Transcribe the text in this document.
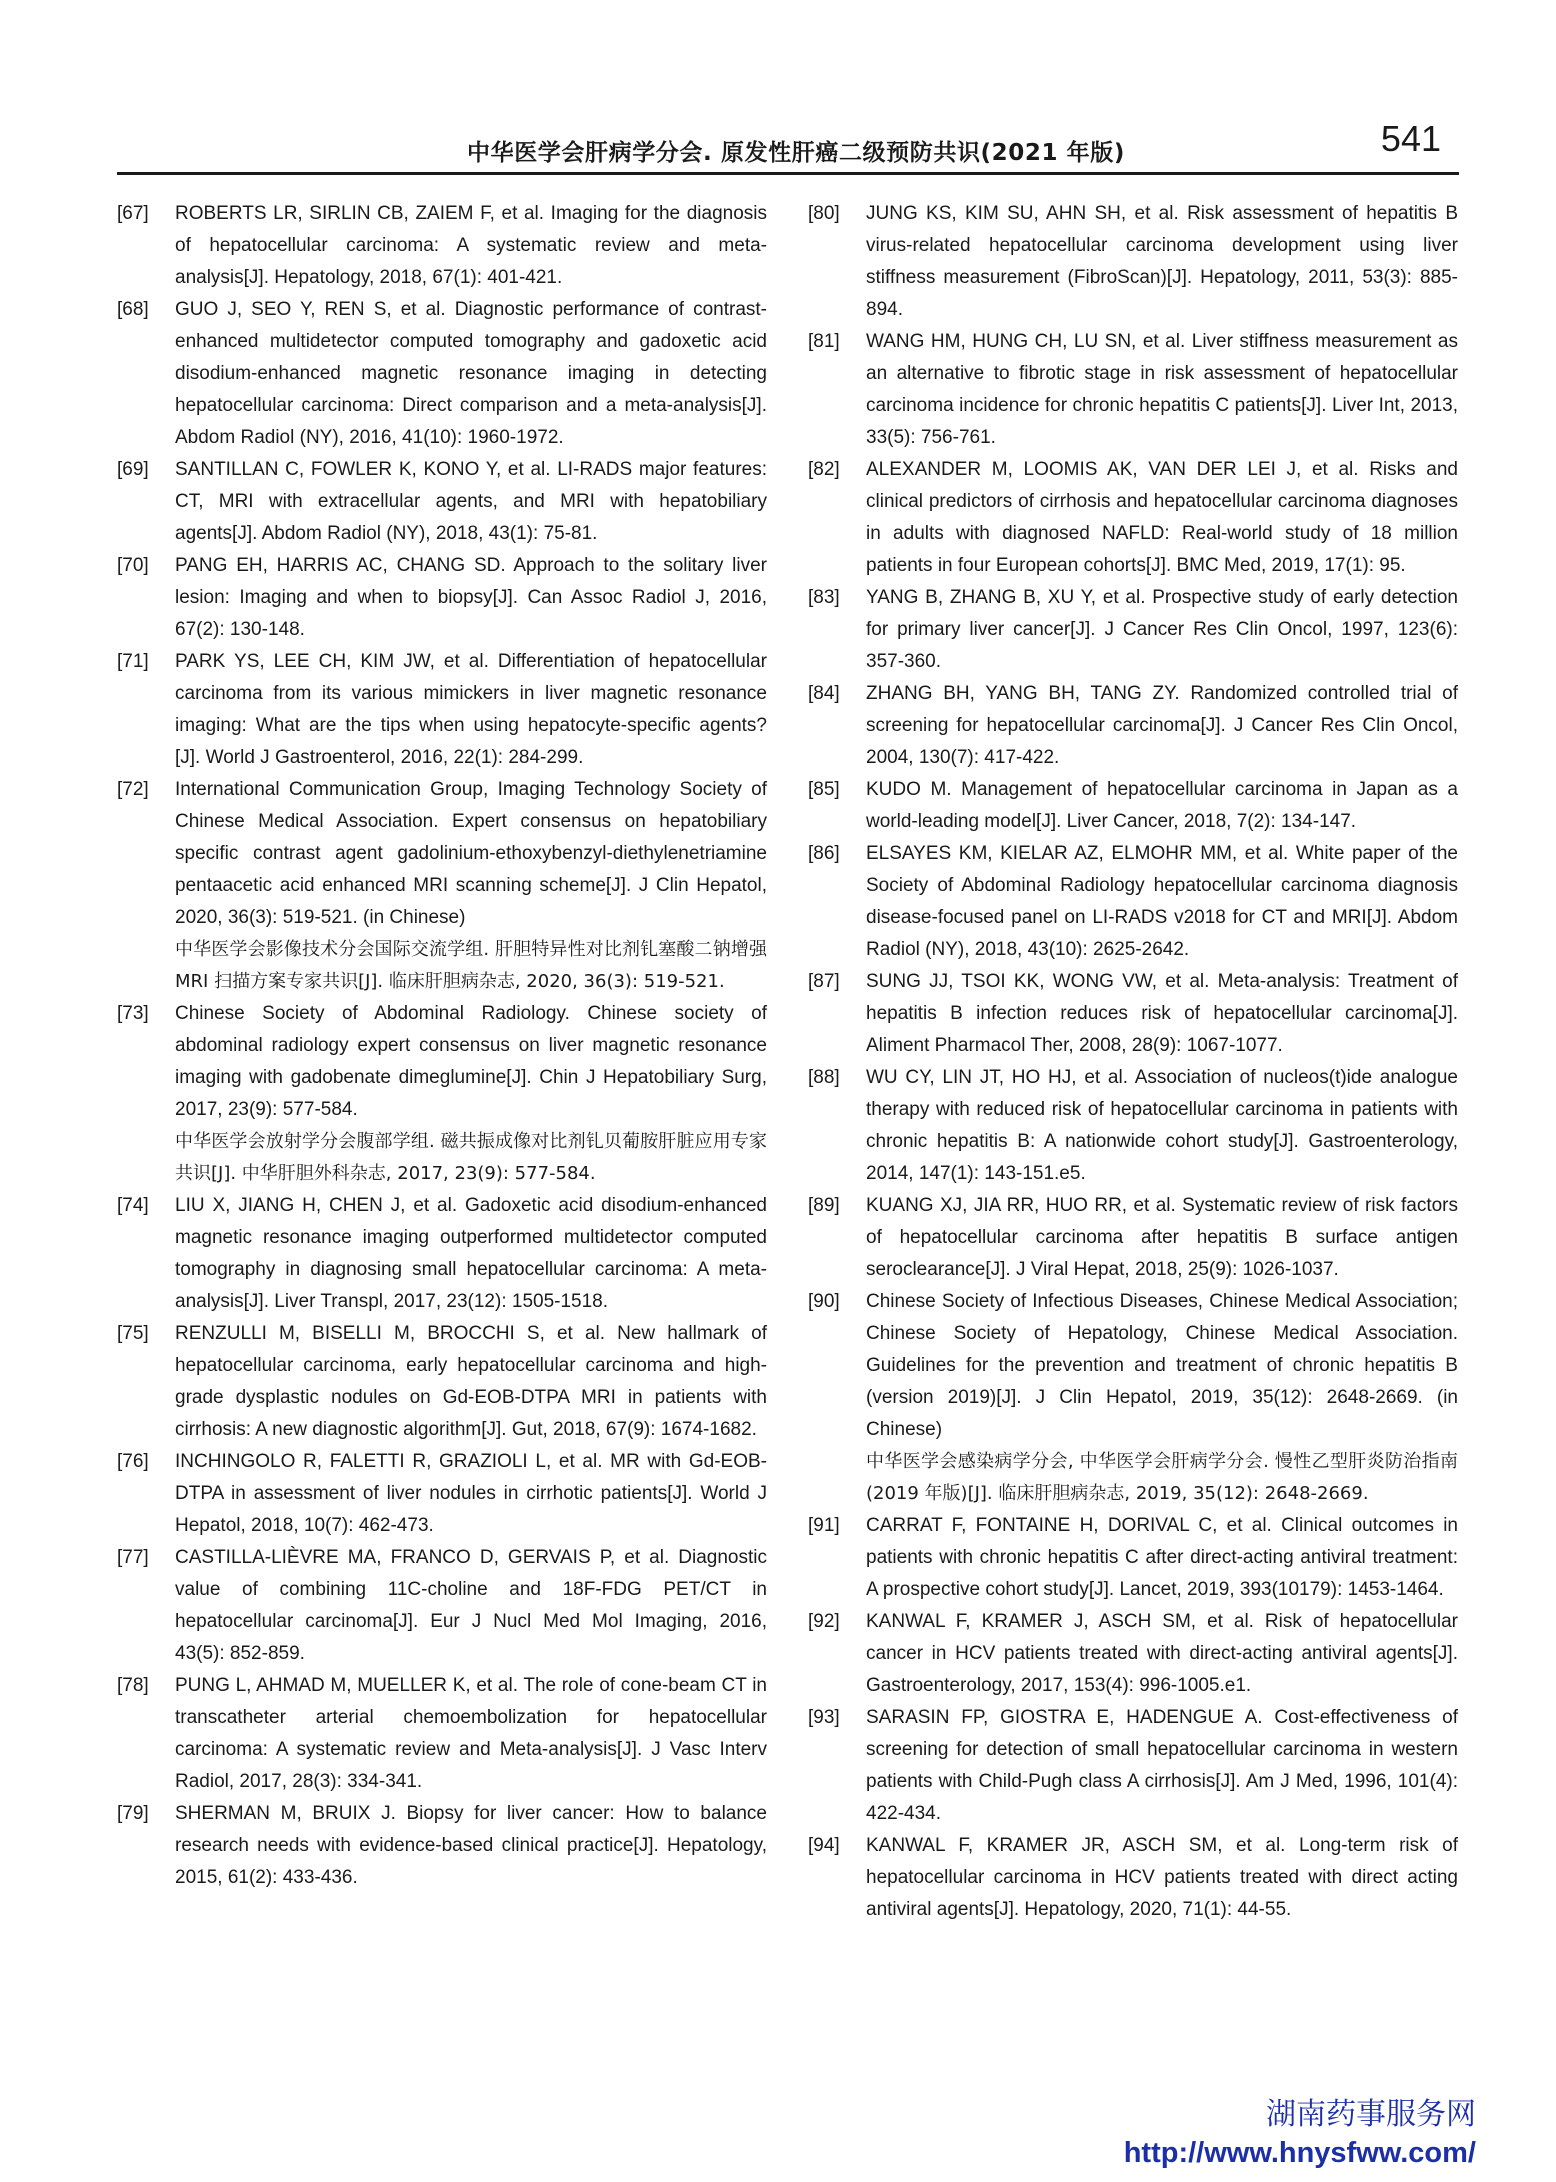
中华医学会肝病学分会. 原发性肝癌二级预防共识(2021 年版)	541
[67] ROBERTS LR, SIRLIN CB, ZAIEM F, et al. Imaging for the diagnosis of hepatocellular carcinoma: A systematic review and meta-analysis[J]. Hepatology, 2018, 67(1): 401-421.
[68] GUO J, SEO Y, REN S, et al. Diagnostic performance of contrast-enhanced multidetector computed tomography and gadoxetic acid disodium-enhanced magnetic resonance imaging in detecting hepatocellular carcinoma: Direct comparison and a meta-analysis[J]. Abdom Radiol (NY), 2016, 41(10): 1960-1972.
[69] SANTILLAN C, FOWLER K, KONO Y, et al. LI-RADS major features: CT, MRI with extracellular agents, and MRI with hepatobiliary agents[J]. Abdom Radiol (NY), 2018, 43(1): 75-81.
[70] PANG EH, HARRIS AC, CHANG SD. Approach to the solitary liver lesion: Imaging and when to biopsy[J]. Can Assoc Radiol J, 2016, 67(2): 130-148.
[71] PARK YS, LEE CH, KIM JW, et al. Differentiation of hepatocellular carcinoma from its various mimickers in liver magnetic resonance imaging: What are the tips when using hepatocyte-specific agents? [J]. World J Gastroenterol, 2016, 22(1): 284-299.
[72] International Communication Group, Imaging Technology Society of Chinese Medical Association. Expert consensus on hepatobiliary specific contrast agent gadolinium-ethoxybenzyl-diethylenetriamine pentaacetic acid enhanced MRI scanning scheme[J]. J Clin Hepatol, 2020, 36(3): 519-521. (in Chinese)
中华医学会影像技术分会国际交流学组. 肝胆特异性对比剂钆塞酸二钠增强 MRI 扫描方案专家共识[J]. 临床肝胆病杂志, 2020, 36(3): 519-521.
[73] Chinese Society of Abdominal Radiology. Chinese society of abdominal radiology expert consensus on liver magnetic resonance imaging with gadobenate dimeglumine[J]. Chin J Hepatobiliary Surg, 2017, 23(9): 577-584.
中华医学会放射学分会腹部学组. 磁共振成像对比剂钆贝葡胺肝脏应用专家共识[J]. 中华肝胆外科杂志, 2017, 23(9): 577-584.
[74] LIU X, JIANG H, CHEN J, et al. Gadoxetic acid disodium-enhanced magnetic resonance imaging outperformed multidetector computed tomography in diagnosing small hepatocellular carcinoma: A meta-analysis[J]. Liver Transpl, 2017, 23(12): 1505-1518.
[75] RENZULLI M, BISELLI M, BROCCHI S, et al. New hallmark of hepatocellular carcinoma, early hepatocellular carcinoma and high-grade dysplastic nodules on Gd-EOB-DTPA MRI in patients with cirrhosis: A new diagnostic algorithm[J]. Gut, 2018, 67(9): 1674-1682.
[76] INCHINGOLO R, FALETTI R, GRAZIOLI L, et al. MR with Gd-EOB-DTPA in assessment of liver nodules in cirrhotic patients[J]. World J Hepatol, 2018, 10(7): 462-473.
[77] CASTILLA-LIÈVRE MA, FRANCO D, GERVAIS P, et al. Diagnostic value of combining 11C-choline and 18F-FDG PET/CT in hepatocellular carcinoma[J]. Eur J Nucl Med Mol Imaging, 2016, 43(5): 852-859.
[78] PUNG L, AHMAD M, MUELLER K, et al. The role of cone-beam CT in transcatheter arterial chemoembolization for hepatocellular carcinoma: A systematic review and Meta-analysis[J]. J Vasc Interv Radiol, 2017, 28(3): 334-341.
[79] SHERMAN M, BRUIX J. Biopsy for liver cancer: How to balance research needs with evidence-based clinical practice[J]. Hepatology, 2015, 61(2): 433-436.
[80] JUNG KS, KIM SU, AHN SH, et al. Risk assessment of hepatitis B virus-related hepatocellular carcinoma development using liver stiffness measurement (FibroScan)[J]. Hepatology, 2011, 53(3): 885-894.
[81] WANG HM, HUNG CH, LU SN, et al. Liver stiffness measurement as an alternative to fibrotic stage in risk assessment of hepatocellular carcinoma incidence for chronic hepatitis C patients[J]. Liver Int, 2013, 33(5): 756-761.
[82] ALEXANDER M, LOOMIS AK, VAN DER LEI J, et al. Risks and clinical predictors of cirrhosis and hepatocellular carcinoma diagnoses in adults with diagnosed NAFLD: Real-world study of 18 million patients in four European cohorts[J]. BMC Med, 2019, 17(1): 95.
[83] YANG B, ZHANG B, XU Y, et al. Prospective study of early detection for primary liver cancer[J]. J Cancer Res Clin Oncol, 1997, 123(6): 357-360.
[84] ZHANG BH, YANG BH, TANG ZY. Randomized controlled trial of screening for hepatocellular carcinoma[J]. J Cancer Res Clin Oncol, 2004, 130(7): 417-422.
[85] KUDO M. Management of hepatocellular carcinoma in Japan as a world-leading model[J]. Liver Cancer, 2018, 7(2): 134-147.
[86] ELSAYES KM, KIELAR AZ, ELMOHR MM, et al. White paper of the Society of Abdominal Radiology hepatocellular carcinoma diagnosis disease-focused panel on LI-RADS v2018 for CT and MRI[J]. Abdom Radiol (NY), 2018, 43(10): 2625-2642.
[87] SUNG JJ, TSOI KK, WONG VW, et al. Meta-analysis: Treatment of hepatitis B infection reduces risk of hepatocellular carcinoma[J]. Aliment Pharmacol Ther, 2008, 28(9): 1067-1077.
[88] WU CY, LIN JT, HO HJ, et al. Association of nucleos(t)ide analogue therapy with reduced risk of hepatocellular carcinoma in patients with chronic hepatitis B: A nationwide cohort study[J]. Gastroenterology, 2014, 147(1): 143-151.e5.
[89] KUANG XJ, JIA RR, HUO RR, et al. Systematic review of risk factors of hepatocellular carcinoma after hepatitis B surface antigen seroclearance[J]. J Viral Hepat, 2018, 25(9): 1026-1037.
[90] Chinese Society of Infectious Diseases, Chinese Medical Association; Chinese Society of Hepatology, Chinese Medical Association. Guidelines for the prevention and treatment of chronic hepatitis B (version 2019)[J]. J Clin Hepatol, 2019, 35(12): 2648-2669. (in Chinese)
中华医学会感染病学分会, 中华医学会肝病学分会. 慢性乙型肝炎防治指南(2019 年版)[J]. 临床肝胆病杂志, 2019, 35(12): 2648-2669.
[91] CARRAT F, FONTAINE H, DORIVAL C, et al. Clinical outcomes in patients with chronic hepatitis C after direct-acting antiviral treatment: A prospective cohort study[J]. Lancet, 2019, 393(10179): 1453-1464.
[92] KANWAL F, KRAMER J, ASCH SM, et al. Risk of hepatocellular cancer in HCV patients treated with direct-acting antiviral agents[J]. Gastroenterology, 2017, 153(4): 996-1005.e1.
[93] SARASIN FP, GIOSTRA E, HADENGUE A. Cost-effectiveness of screening for detection of small hepatocellular carcinoma in western patients with Child-Pugh class A cirrhosis[J]. Am J Med, 1996, 101(4): 422-434.
[94] KANWAL F, KRAMER JR, ASCH SM, et al. Long-term risk of hepatocellular carcinoma in HCV patients treated with direct acting antiviral agents[J]. Hepatology, 2020, 71(1): 44-55.
湖南药事服务网
http://www.hnysfww.com/
